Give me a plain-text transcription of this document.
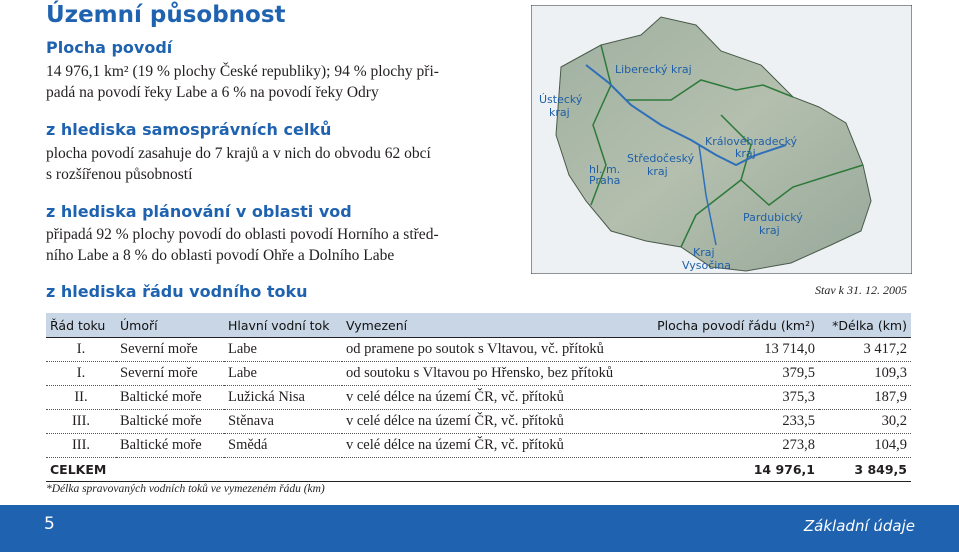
Územní působnost
Plocha povodí
14 976,1 km² (19 % plochy České republiky); 94 % plochy při-
padá na povodí řeky Labe a 6 % na povodí řeky Odry
z hlediska samosprávních celků
plocha povodí zasahuje do 7 krajů a v nich do obvodu 62 obcí
s rozšířenou působností
z hlediska plánování v oblasti vod
připadá 92 % plochy povodí do oblasti povodí Horního a střed-
ního Labe a 8 % do oblasti povodí Ohře a Dolního Labe
z hlediska řádu vodního toku
Liberecký kraj
Ústecký
kraj
Královéhradecký
kraj
Středočeský
kraj
hl. m.
Praha
Pardubický
kraj
Kraj
Vysočina
Stav k 31. 12. 2005
Řád toku	Úmoří	Hlavní vodní tok	Vymezení	Plocha povodí řádu (km²)	*Délka (km)
I.	Severní moře	Labe	od pramene po soutok s Vltavou, vč. přítoků	13 714,0	3 417,2
I.	Severní moře	Labe	od soutoku s Vltavou po Hřensko, bez přítoků	379,5	109,3
II.	Baltické moře	Lužická Nisa	v celé délce na území ČR, vč. přítoků	375,3	187,9
III.	Baltické moře	Stěnava	v celé délce na území ČR, vč. přítoků	233,5	30,2
III.	Baltické moře	Smědá	v celé délce na území ČR, vč. přítoků	273,8	104,9
CELKEM				14 976,1	3 849,5
*Délka spravovaných vodních toků ve vymezeném řádu (km)
5	Základní údaje
